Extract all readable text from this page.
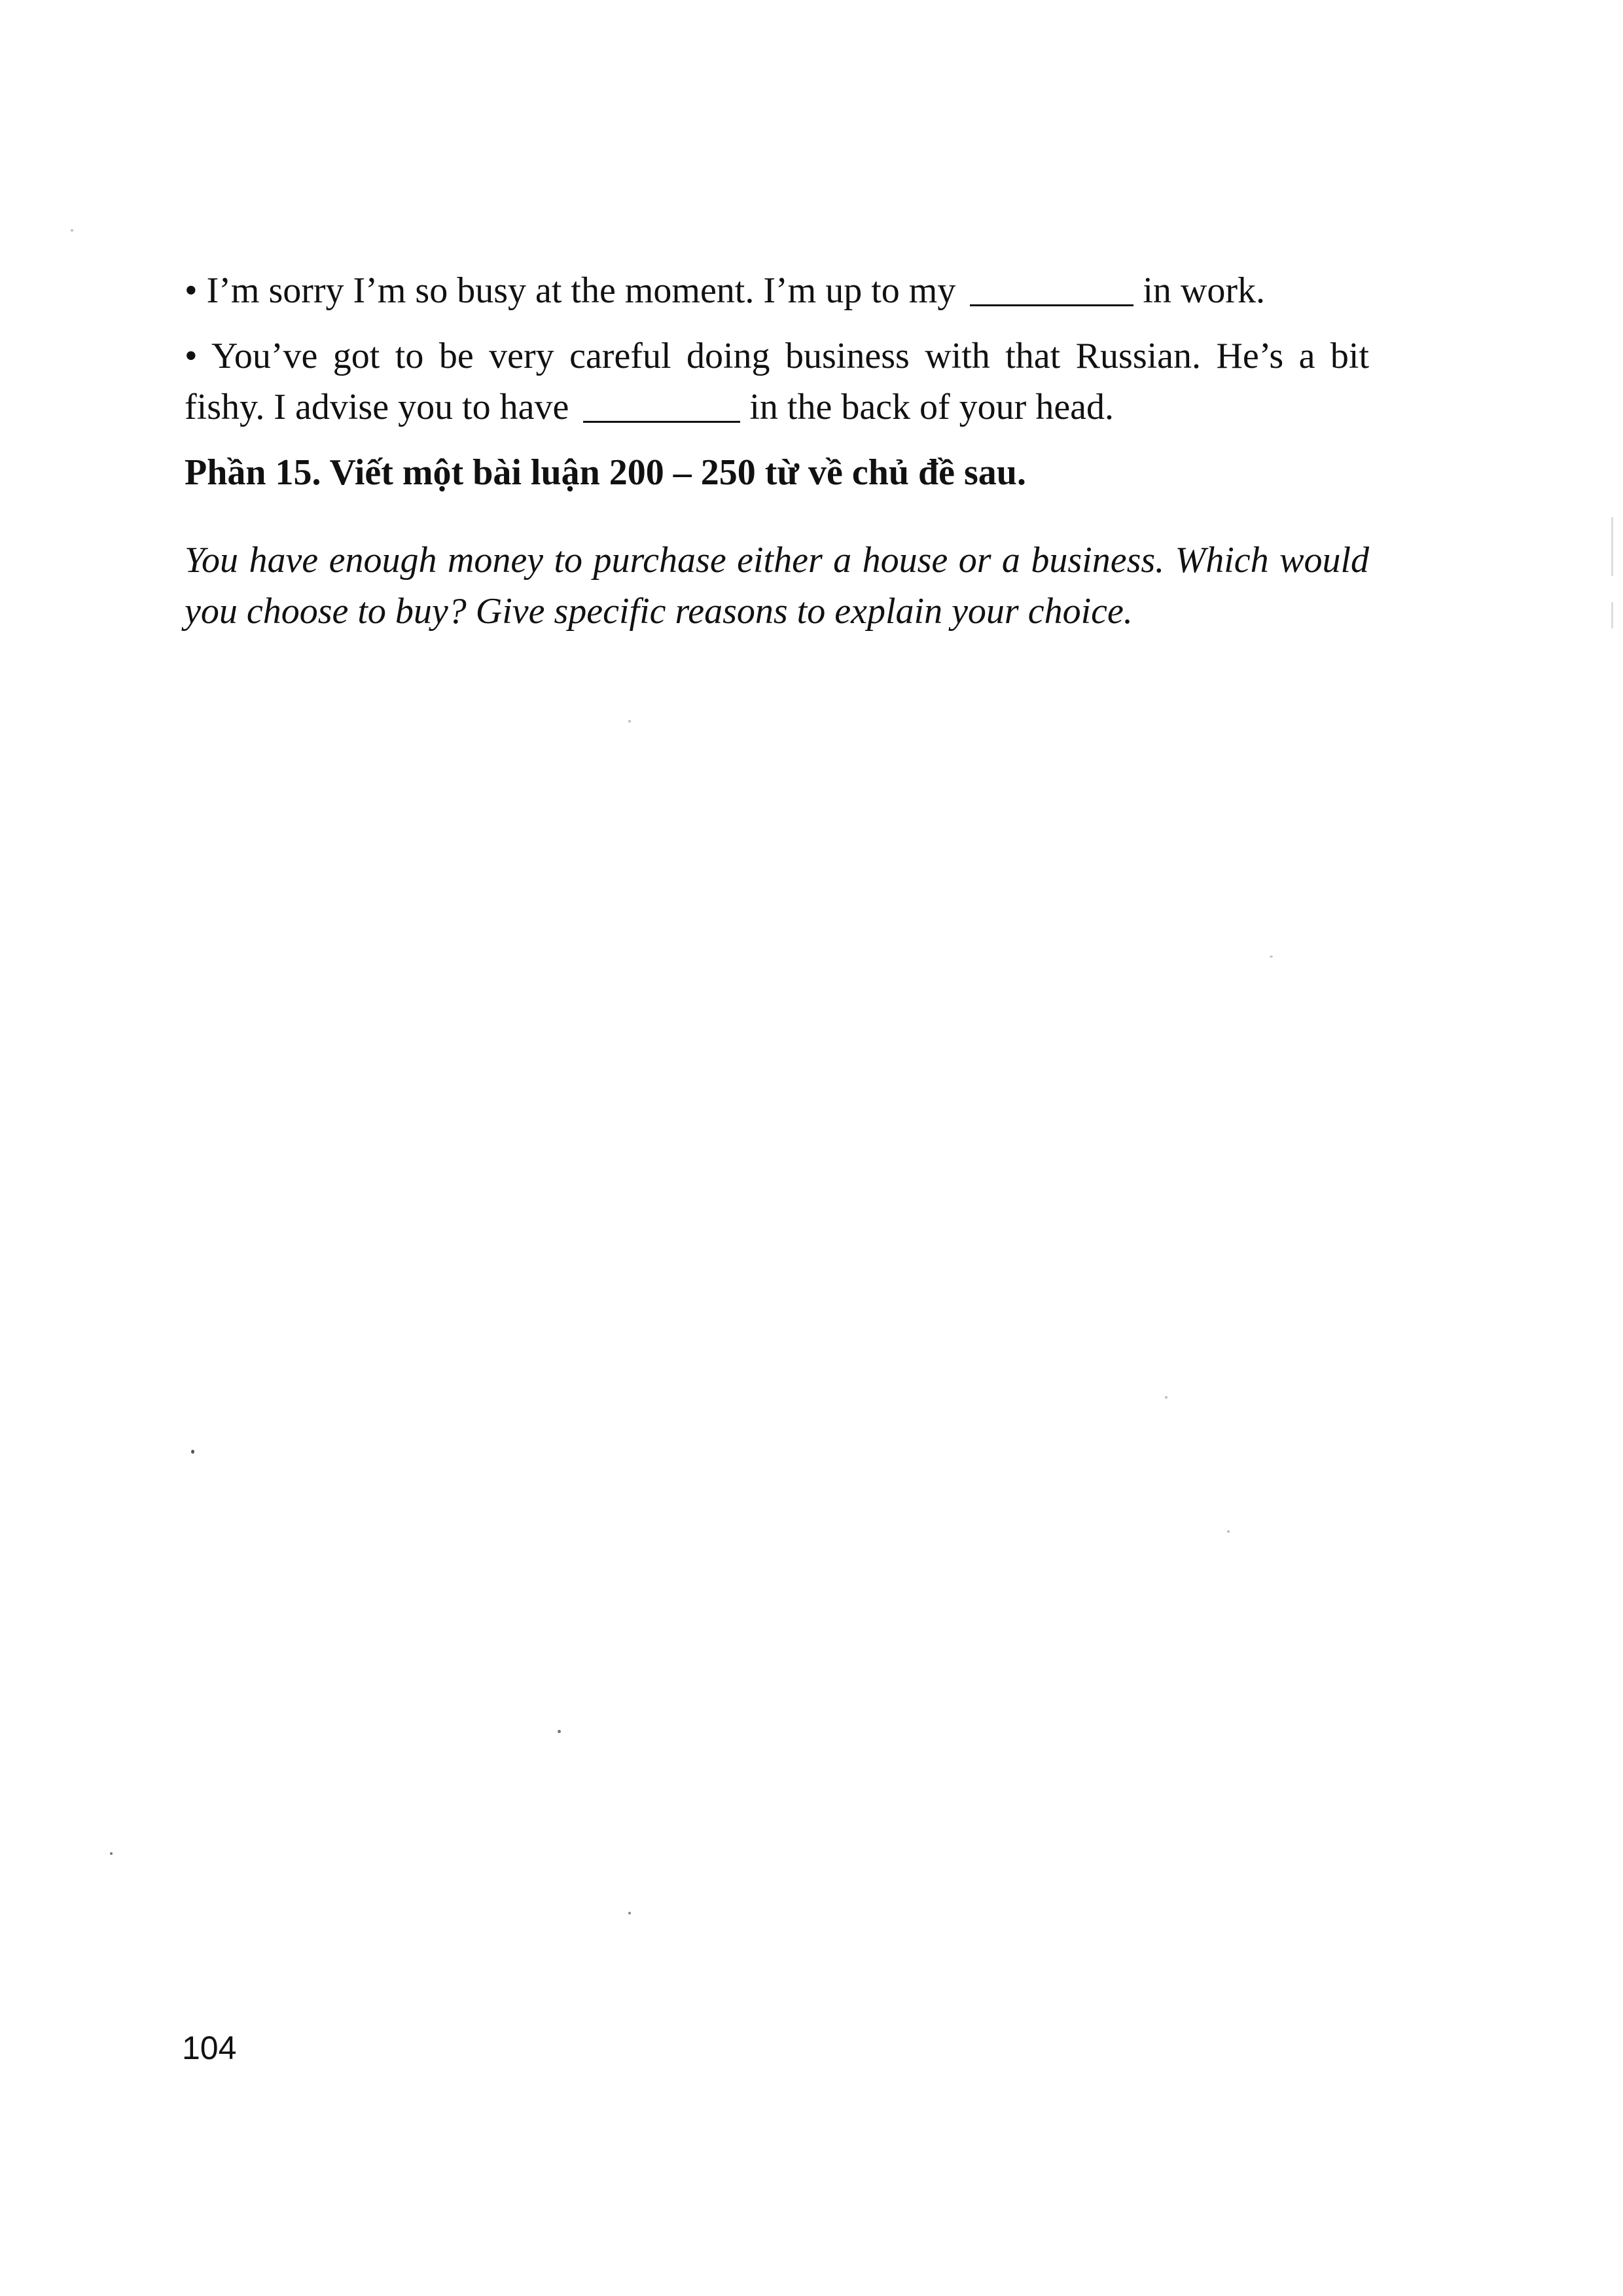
• I’m sorry I’m so busy at the moment. I’m up to my	in work.

• You’ve got to be very careful doing business with that Russian. He’s a bit fishy. I advise you to have	in the back of your head.

Phần 15. Viết một bài luận 200 – 250 từ về chủ đề sau.

You have enough money to purchase either a house or a business. Which would you choose to buy? Give specific reasons to explain your choice.

104
